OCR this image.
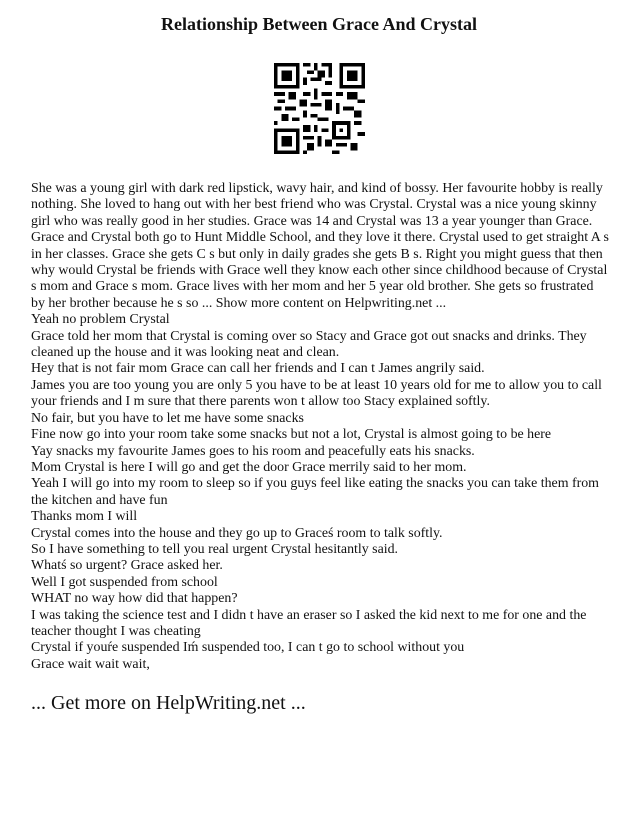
Relationship Between Grace And Crystal

She was a young girl with dark red lipstick, wavy hair, and kind of bossy. Her favourite hobby is really nothing. She loved to hang out with her best friend who was Crystal. Crystal was a nice young skinny girl who was really good in her studies. Grace was 14 and Crystal was 13 a year younger than Grace. Grace and Crystal both go to Hunt Middle School, and they love it there. Crystal used to get straight A s in her classes. Grace she gets C s but only in daily grades she gets B s. Right you might guess that then why would Crystal be friends with Grace well they know each other since childhood because of Crystal s mom and Grace s mom. Grace lives with her mom and her 5 year old brother. She gets so frustrated by her brother because he s so ... Show more content on Helpwriting.net ...

Yeah no problem Crystal

Grace told her mom that Crystal is coming over so Stacy and Grace got out snacks and drinks. They cleaned up the house and it was looking neat and clean.

Hey that is not fair mom Grace can call her friends and I can t James angrily said.

James you are too young you are only 5 you have to be at least 10 years old for me to allow you to call your friends and I m sure that there parents won t allow too Stacy explained softly.

No fair, but you have to let me have some snacks

Fine now go into your room take some snacks but not a lot, Crystal is almost going to be here

Yay snacks my favourite James goes to his room and peacefully eats his snacks.

Mom Crystal is here I will go and get the door Grace merrily said to her mom.

Yeah I will go into my room to sleep so if you guys feel like eating the snacks you can take them from the kitchen and have fun

Thanks mom I will

Crystal comes into the house and they go up to Graceś room to talk softly.

So I have something to tell you real urgent Crystal hesitantly said.

Whatś so urgent? Grace asked her.

Well I got suspended from school

WHAT no way how did that happen?

I was taking the science test and I didn t have an eraser so I asked the kid next to me for one and the teacher thought I was cheating

Crystal if youŕe suspended Iḿ suspended too, I can t go to school without you

Grace wait wait wait,

... Get more on HelpWriting.net ...
